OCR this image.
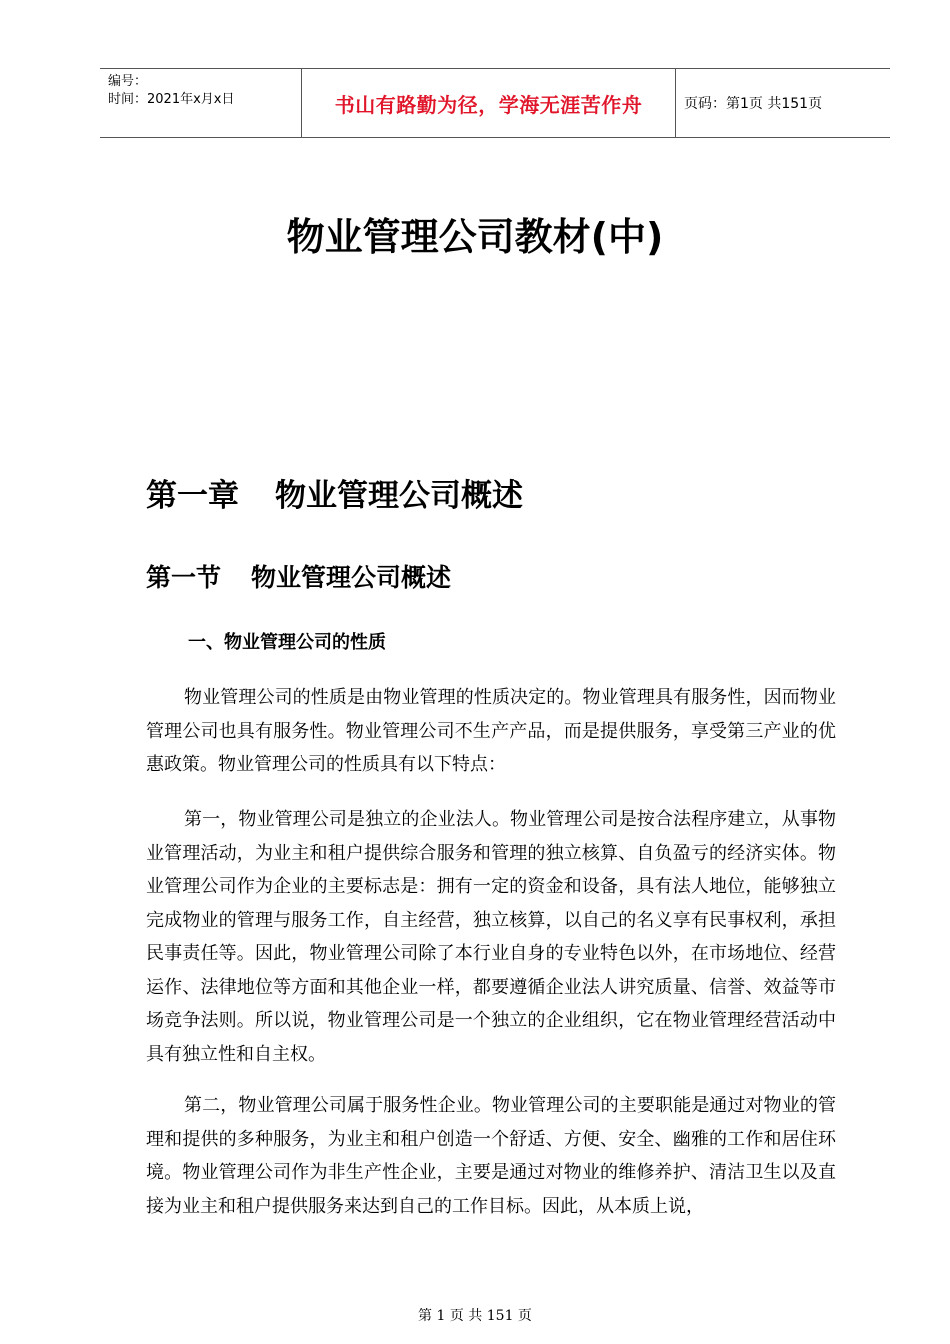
编号：
时间：2021年x月x日	书山有路勤为径，学海无涯苦作舟	页码：第1页 共151页
物业管理公司教材(中)
第一章 物业管理公司概述
第一节 物业管理公司概述
一、物业管理公司的性质

物业管理公司的性质是由物业管理的性质决定的。物业管理具有服务性，因而物业管理公司也具有服务性。物业管理公司不生产产品，而是提供服务，享受第三产业的优惠政策。物业管理公司的性质具有以下特点：

第一，物业管理公司是独立的企业法人。物业管理公司是按合法程序建立，从事物业管理活动，为业主和租户提供综合服务和管理的独立核算、自负盈亏的经济实体。物业管理公司作为企业的主要标志是：拥有一定的资金和设备，具有法人地位，能够独立完成物业的管理与服务工作，自主经营，独立核算，以自己的名义享有民事权利，承担民事责任等。因此，物业管理公司除了本行业自身的专业特色以外，在市场地位、经营运作、法律地位等方面和其他企业一样，都要遵循企业法人讲究质量、信誉、效益等市场竞争法则。所以说，物业管理公司是一个独立的企业组织，它在物业管理经营活动中具有独立性和自主权。

第二，物业管理公司属于服务性企业。物业管理公司的主要职能是通过对物业的管理和提供的多种服务，为业主和租户创造一个舒适、方便、安全、幽雅的工作和居住环境。物业管理公司作为非生产性企业，主要是通过对物业的维修养护、清洁卫生以及直接为业主和租户提供服务来达到自己的工作目标。因此，从本质上说，

第 1 页 共 151 页
